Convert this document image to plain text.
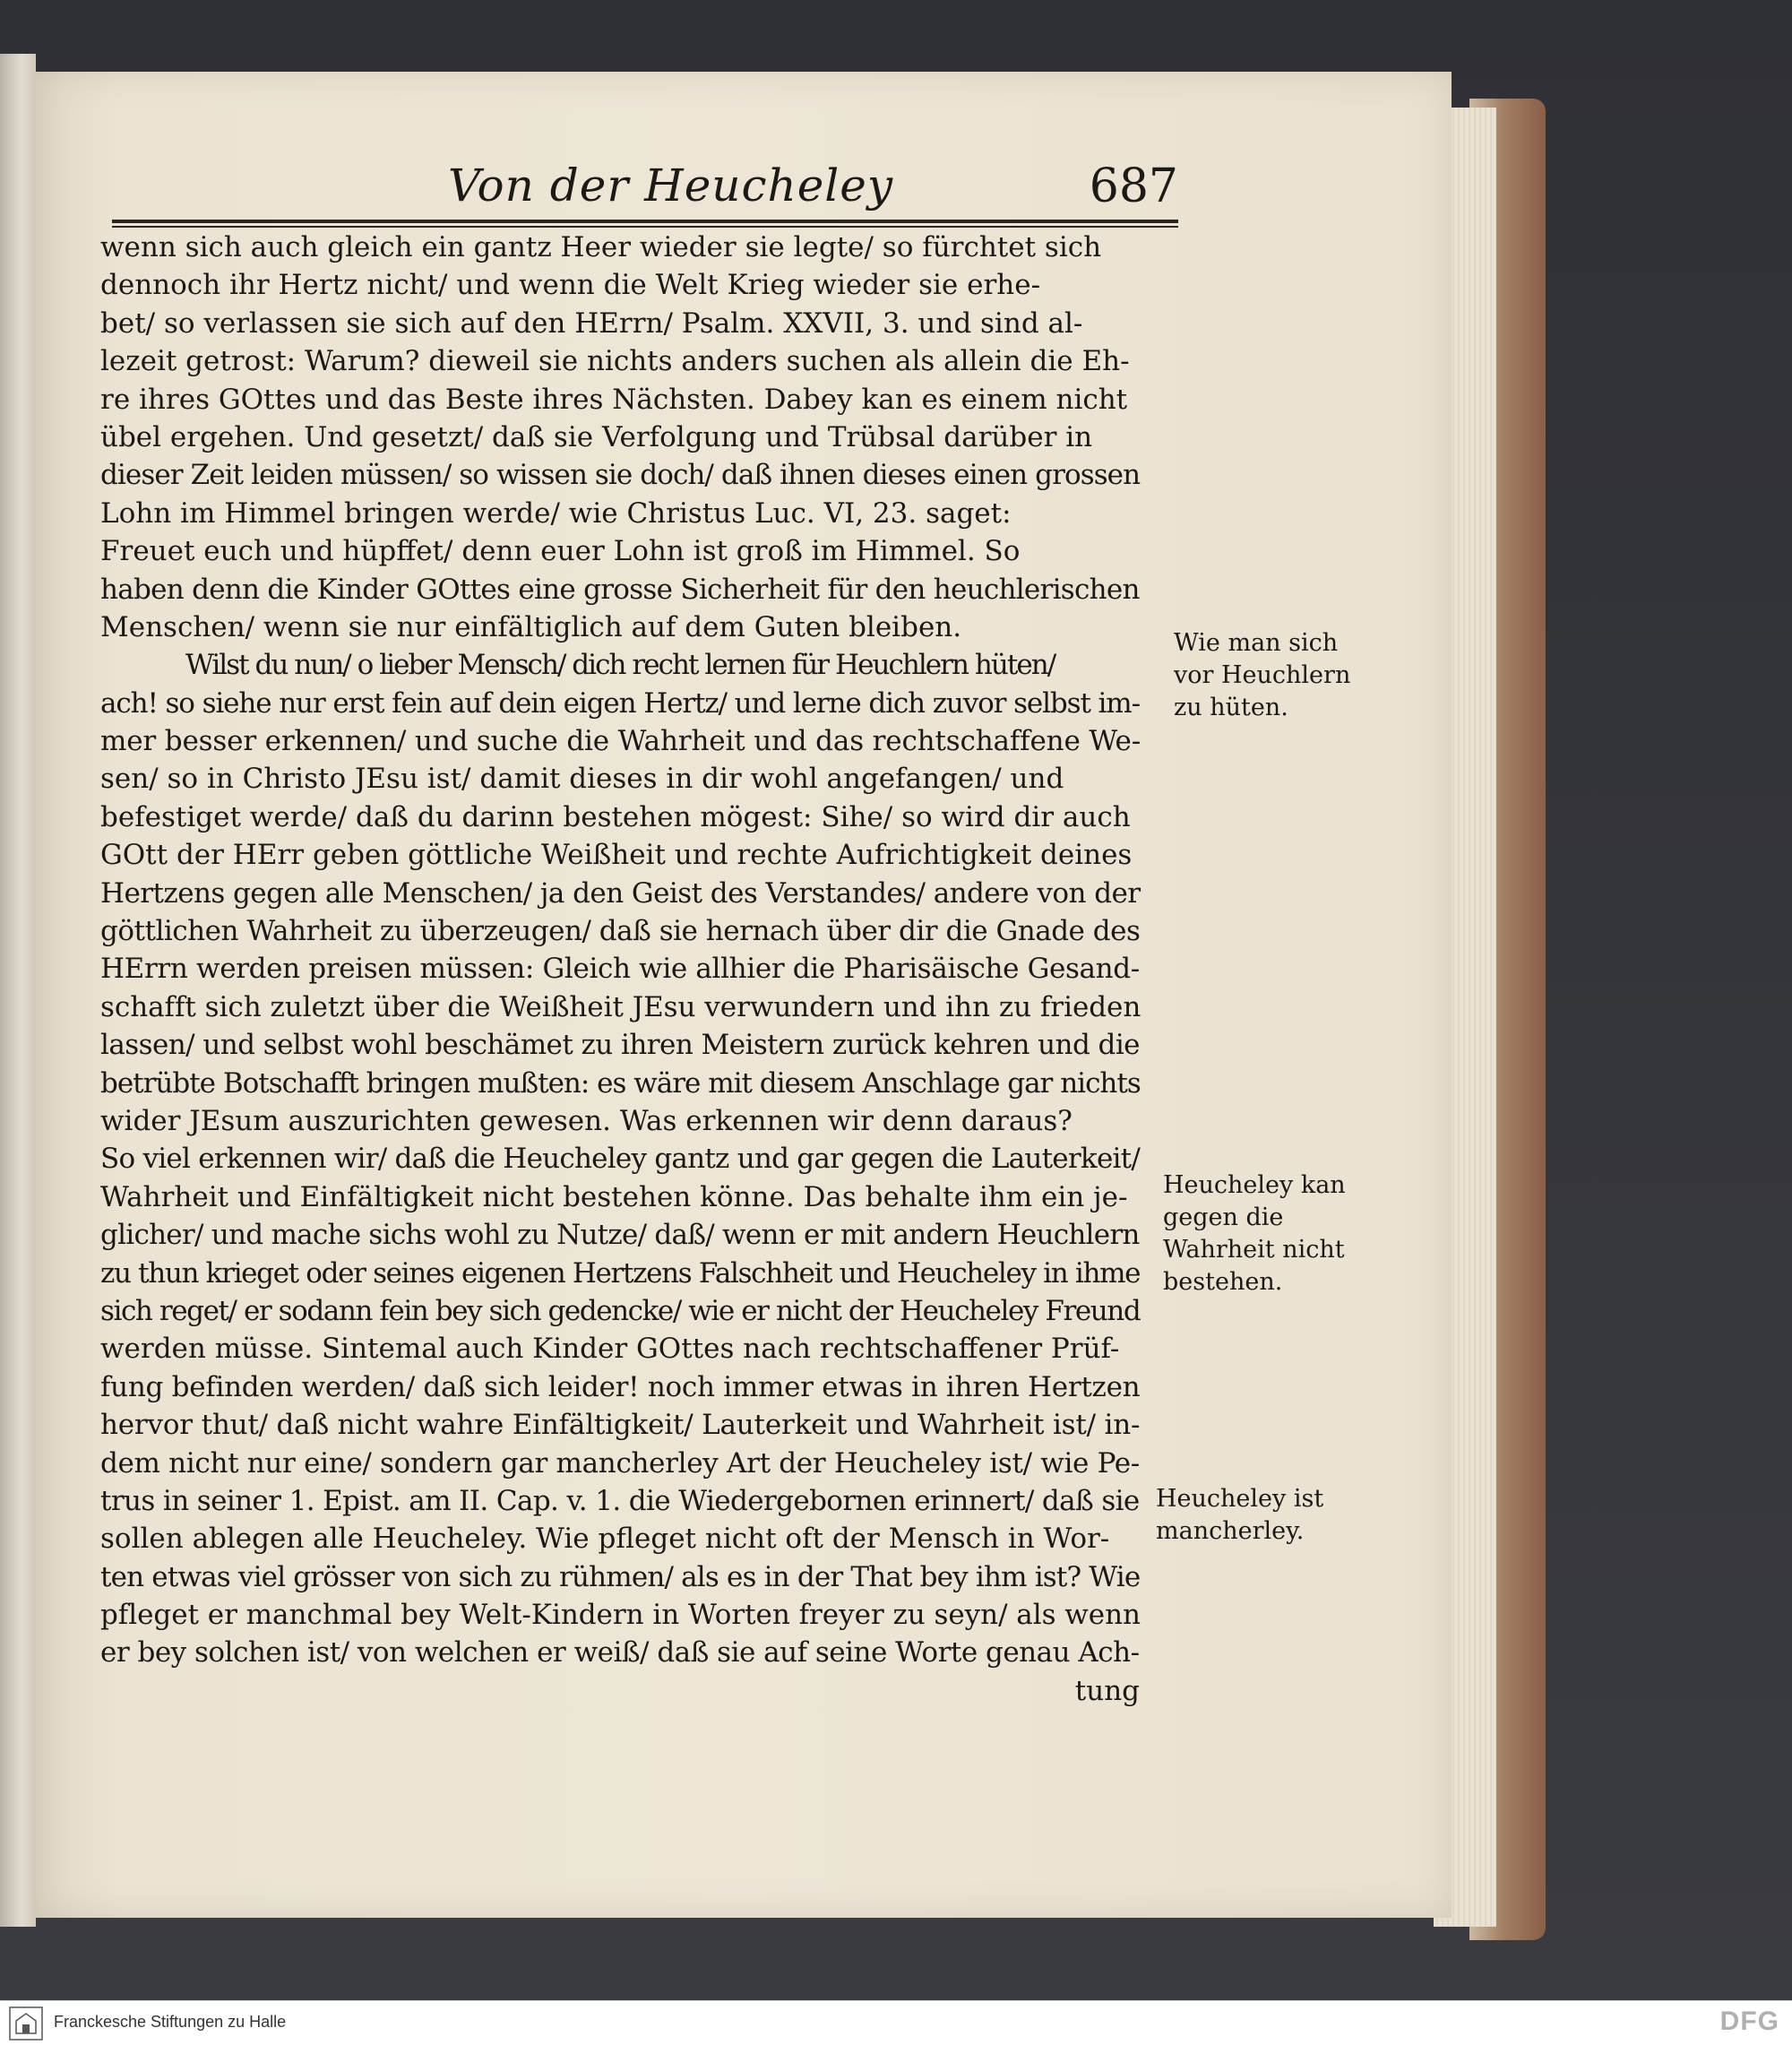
Von der Heucheley	687
wenn sich auch gleich ein gantz Heer wieder sie legte/ so fürchtet sich
dennoch ihr Hertz nicht/ und wenn die Welt Krieg wieder sie erhe-
bet/ so verlassen sie sich auf den HErrn/ Psalm. XXVII, 3. und sind al-
lezeit getrost: Warum? dieweil sie nichts anders suchen als allein die Eh-
re ihres GOttes und das Beste ihres Nächsten. Dabey kan es einem nicht
übel ergehen. Und gesetzt/ daß sie Verfolgung und Trübsal darüber in
dieser Zeit leiden müssen/ so wissen sie doch/ daß ihnen dieses einen grossen
Lohn im Himmel bringen werde/ wie Christus Luc. VI, 23. saget:
Freuet euch und hüpffet/ denn euer Lohn ist groß im Himmel. So
haben denn die Kinder GOttes eine grosse Sicherheit für den heuchlerischen
Menschen/ wenn sie nur einfältiglich auf dem Guten bleiben.
Wilst du nun/ o lieber Mensch/ dich recht lernen für Heuchlern hüten/
ach! so siehe nur erst fein auf dein eigen Hertz/ und lerne dich zuvor selbst im-
mer besser erkennen/ und suche die Wahrheit und das rechtschaffene We-
sen/ so in Christo JEsu ist/ damit dieses in dir wohl angefangen/ und
befestiget werde/ daß du darinn bestehen mögest: Sihe/ so wird dir auch
GOtt der HErr geben göttliche Weißheit und rechte Aufrichtigkeit deines
Hertzens gegen alle Menschen/ ja den Geist des Verstandes/ andere von der
göttlichen Wahrheit zu überzeugen/ daß sie hernach über dir die Gnade des
HErrn werden preisen müssen: Gleich wie allhier die Pharisäische Gesand-
schafft sich zuletzt über die Weißheit JEsu verwundern und ihn zu frieden
lassen/ und selbst wohl beschämet zu ihren Meistern zurück kehren und die
betrübte Botschafft bringen mußten: es wäre mit diesem Anschlage gar nichts
wider JEsum auszurichten gewesen. Was erkennen wir denn daraus?
So viel erkennen wir/ daß die Heucheley gantz und gar gegen die Lauterkeit/
Wahrheit und Einfältigkeit nicht bestehen könne. Das behalte ihm ein je-
glicher/ und mache sichs wohl zu Nutze/ daß/ wenn er mit andern Heuchlern
zu thun krieget oder seines eigenen Hertzens Falschheit und Heucheley in ihme
sich reget/ er sodann fein bey sich gedencke/ wie er nicht der Heucheley Freund
werden müsse. Sintemal auch Kinder GOttes nach rechtschaffener Prüf-
fung befinden werden/ daß sich leider! noch immer etwas in ihren Hertzen
hervor thut/ daß nicht wahre Einfältigkeit/ Lauterkeit und Wahrheit ist/ in-
dem nicht nur eine/ sondern gar mancherley Art der Heucheley ist/ wie Pe-
trus in seiner 1. Epist. am II. Cap. v. 1. die Wiedergebornen erinnert/ daß sie
sollen ablegen alle Heucheley. Wie pfleget nicht oft der Mensch in Wor-
ten etwas viel grösser von sich zu rühmen/ als es in der That bey ihm ist? Wie
pfleget er manchmal bey Welt-Kindern in Worten freyer zu seyn/ als wenn
er bey solchen ist/ von welchen er weiß/ daß sie auf seine Worte genau Ach-
tung
Wie man sich
vor Heuchlern
zu hüten.
Heucheley kan
gegen die
Wahrheit nicht
bestehen.
Heucheley ist
mancherley.
Franckesche Stiftungen zu Halle	DFG
